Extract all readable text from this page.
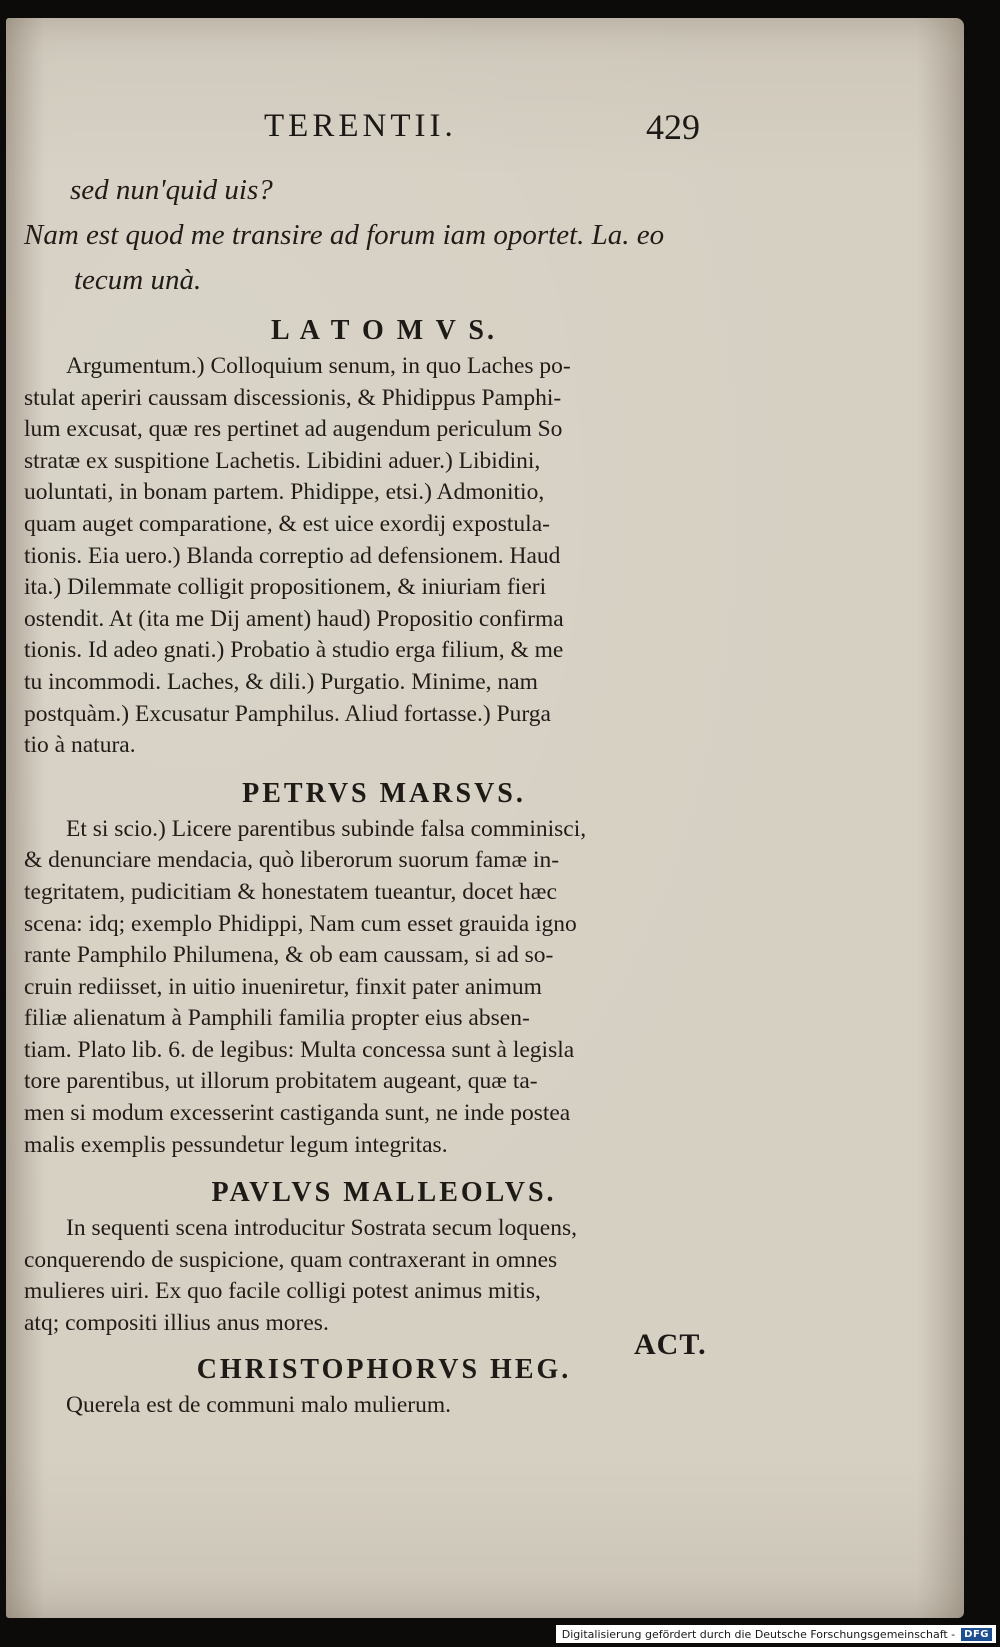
TERENTII.	429

sed nun'quid uis?

Nam est quod me transire ad forum iam oportet. La. eo

tecum unà.

L A T O M V S.

Argumentum.) Colloquium senum, in quo Laches po-

stulat aperiri caussam discessionis, & Phidippus Pamphi-

lum excusat, quæ res pertinet ad augendum periculum So

stratæ ex suspitione Lachetis. Libidini aduer.) Libidini,

uoluntati, in bonam partem. Phidippe, etsi.) Admonitio,

quam auget comparatione, & est uice exordij expostula-

tionis. Eia uero.) Blanda correptio ad defensionem. Haud

ita.) Dilemmate colligit propositionem, & iniuriam fieri

ostendit. At (ita me Dij ament) haud) Propositio confirma

tionis. Id adeo gnati.) Probatio à studio erga filium, & me

tu incommodi. Laches, & dili.) Purgatio. Minime, nam

postquàm.) Excusatur Pamphilus. Aliud fortasse.) Purga

tio à natura.

PETRVS MARSVS.

Et si scio.) Licere parentibus subinde falsa comminisci,

& denunciare mendacia, quò liberorum suorum famæ in-

tegritatem, pudicitiam & honestatem tueantur, docet hæc

scena: idq; exemplo Phidippi, Nam cum esset grauida igno

rante Pamphilo Philumena, & ob eam caussam, si ad so-

cruin rediisset, in uitio inueniretur, finxit pater animum

filiæ alienatum à Pamphili familia propter eius absen-

tiam. Plato lib. 6. de legibus: Multa concessa sunt à legisla

tore parentibus, ut illorum probitatem augeant, quæ ta-

men si modum excesserint castiganda sunt, ne inde postea

malis exemplis pessundetur legum integritas.

PAVLVS MALLEOLVS.

In sequenti scena introducitur Sostrata secum loquens,

conquerendo de suspicione, quam contraxerant in omnes

mulieres uiri. Ex quo facile colligi potest animus mitis,

atq; compositi illius anus mores.

CHRISTOPHORVS HEG.

Querela est de communi malo mulierum.

ACT.
Digitalisierung gefördert durch die Deutsche Forschungsgemeinschaft - DFG
